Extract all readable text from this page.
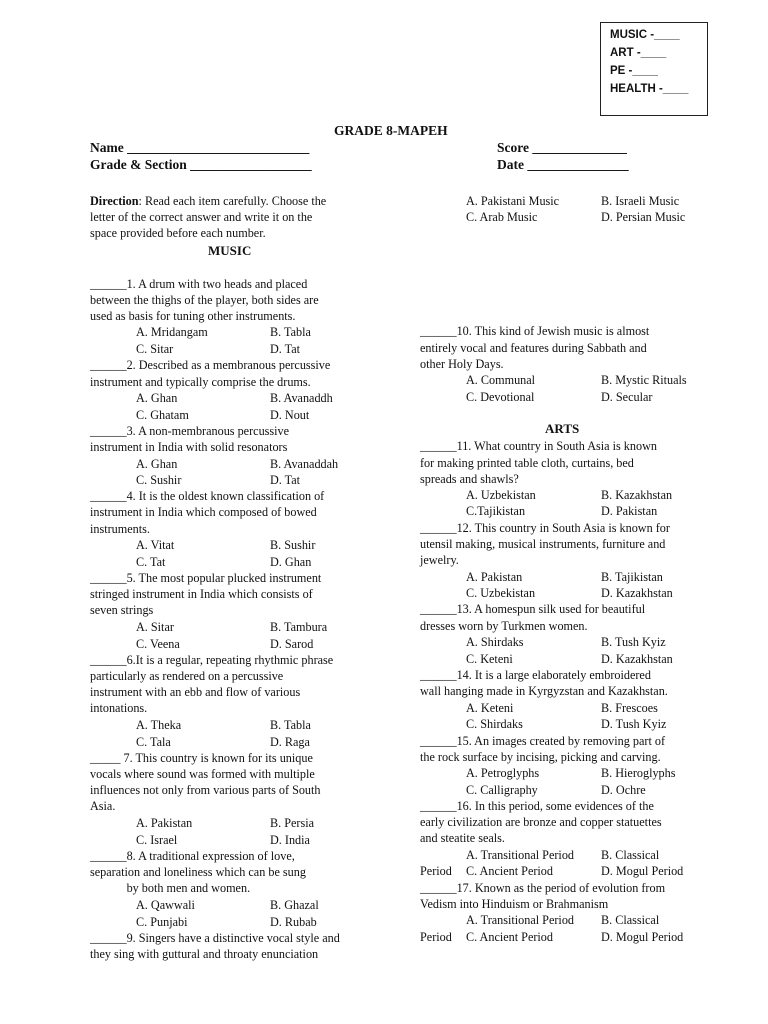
MUSIC -____
ART -____
PE -____
HEALTH -____
GRADE 8-MAPEH
Name ___________________________
Grade & Section __________________
Score ______________
Date _______________
Direction: Read each item carefully. Choose the
letter of the correct answer and write it on the
space provided before each number.
MUSIC
______1. A drum with two heads and placed
between the thighs of the player, both sides are
used as basis for tuning other instruments.
A. Mridangam	B. Tabla
C. Sitar	D. Tat
______2. Described as a membranous percussive
instrument and typically comprise the drums.
A. Ghan	B. Avanaddh
C. Ghatam	D. Nout
______3. A non-membranous percussive
instrument in India with solid resonators
A. Ghan	B. Avanaddah
C. Sushir	D. Tat
______4. It is the oldest known classification of
instrument in India which composed of bowed
instruments.
A. Vitat	B. Sushir
C. Tat	D. Ghan
______5. The most popular plucked instrument
stringed instrument in India which consists of
seven strings
A. Sitar	B. Tambura
C. Veena	D. Sarod
______6.It is a regular, repeating rhythmic phrase
particularly as rendered on a percussive
instrument with an ebb and flow of various
intonations.
A. Theka	B. Tabla
C. Tala	D. Raga
_____ 7. This country is known for its unique
vocals where sound was formed with multiple
influences not only from various parts of South
Asia.
A. Pakistan	B. Persia
C. Israel	D. India
______8. A traditional expression of love,
separation and loneliness which can be sung
by both men and women.
A. Qawwali	B. Ghazal
C. Punjabi	D. Rubab
______9. Singers have a distinctive vocal style and
they sing with guttural and throaty enunciation
A. Pakistani Music	B. Israeli Music
C. Arab Music	D. Persian Music
______10. This kind of Jewish music is almost
entirely vocal and features during Sabbath and
other Holy Days.
A. Communal	B. Mystic Rituals
C. Devotional	D. Secular
ARTS
______11. What country in South Asia is known
for making printed table cloth, curtains, bed
spreads and shawls?
A. Uzbekistan	B. Kazakhstan
C.Tajikistan	D. Pakistan
______12. This country in South Asia is known for
utensil making, musical instruments, furniture and
jewelry.
A. Pakistan	B. Tajikistan
C. Uzbekistan	D. Kazakhstan
______13. A homespun silk used for beautiful
dresses worn by Turkmen women.
A. Shirdaks	B. Tush Kyiz
C. Keteni	D. Kazakhstan
______14. It is a large elaborately embroidered
wall hanging made in Kyrgyzstan and Kazakhstan.
A. Keteni	B. Frescoes
C. Shirdaks	D. Tush Kyiz
______15. An images created by removing part of
the rock surface by incising, picking and carving.
A. Petroglyphs	B. Hieroglyphs
C. Calligraphy	D. Ochre
______16. In this period, some evidences of the
early civilization are bronze and copper statuettes
and steatite seals.
A. Transitional Period B. Classical
Period C. Ancient Period	D. Mogul Period
______17. Known as the period of evolution from
Vedism into Hinduism or Brahmanism
A. Transitional Period B. Classical
Period C. Ancient Period	D. Mogul Period
